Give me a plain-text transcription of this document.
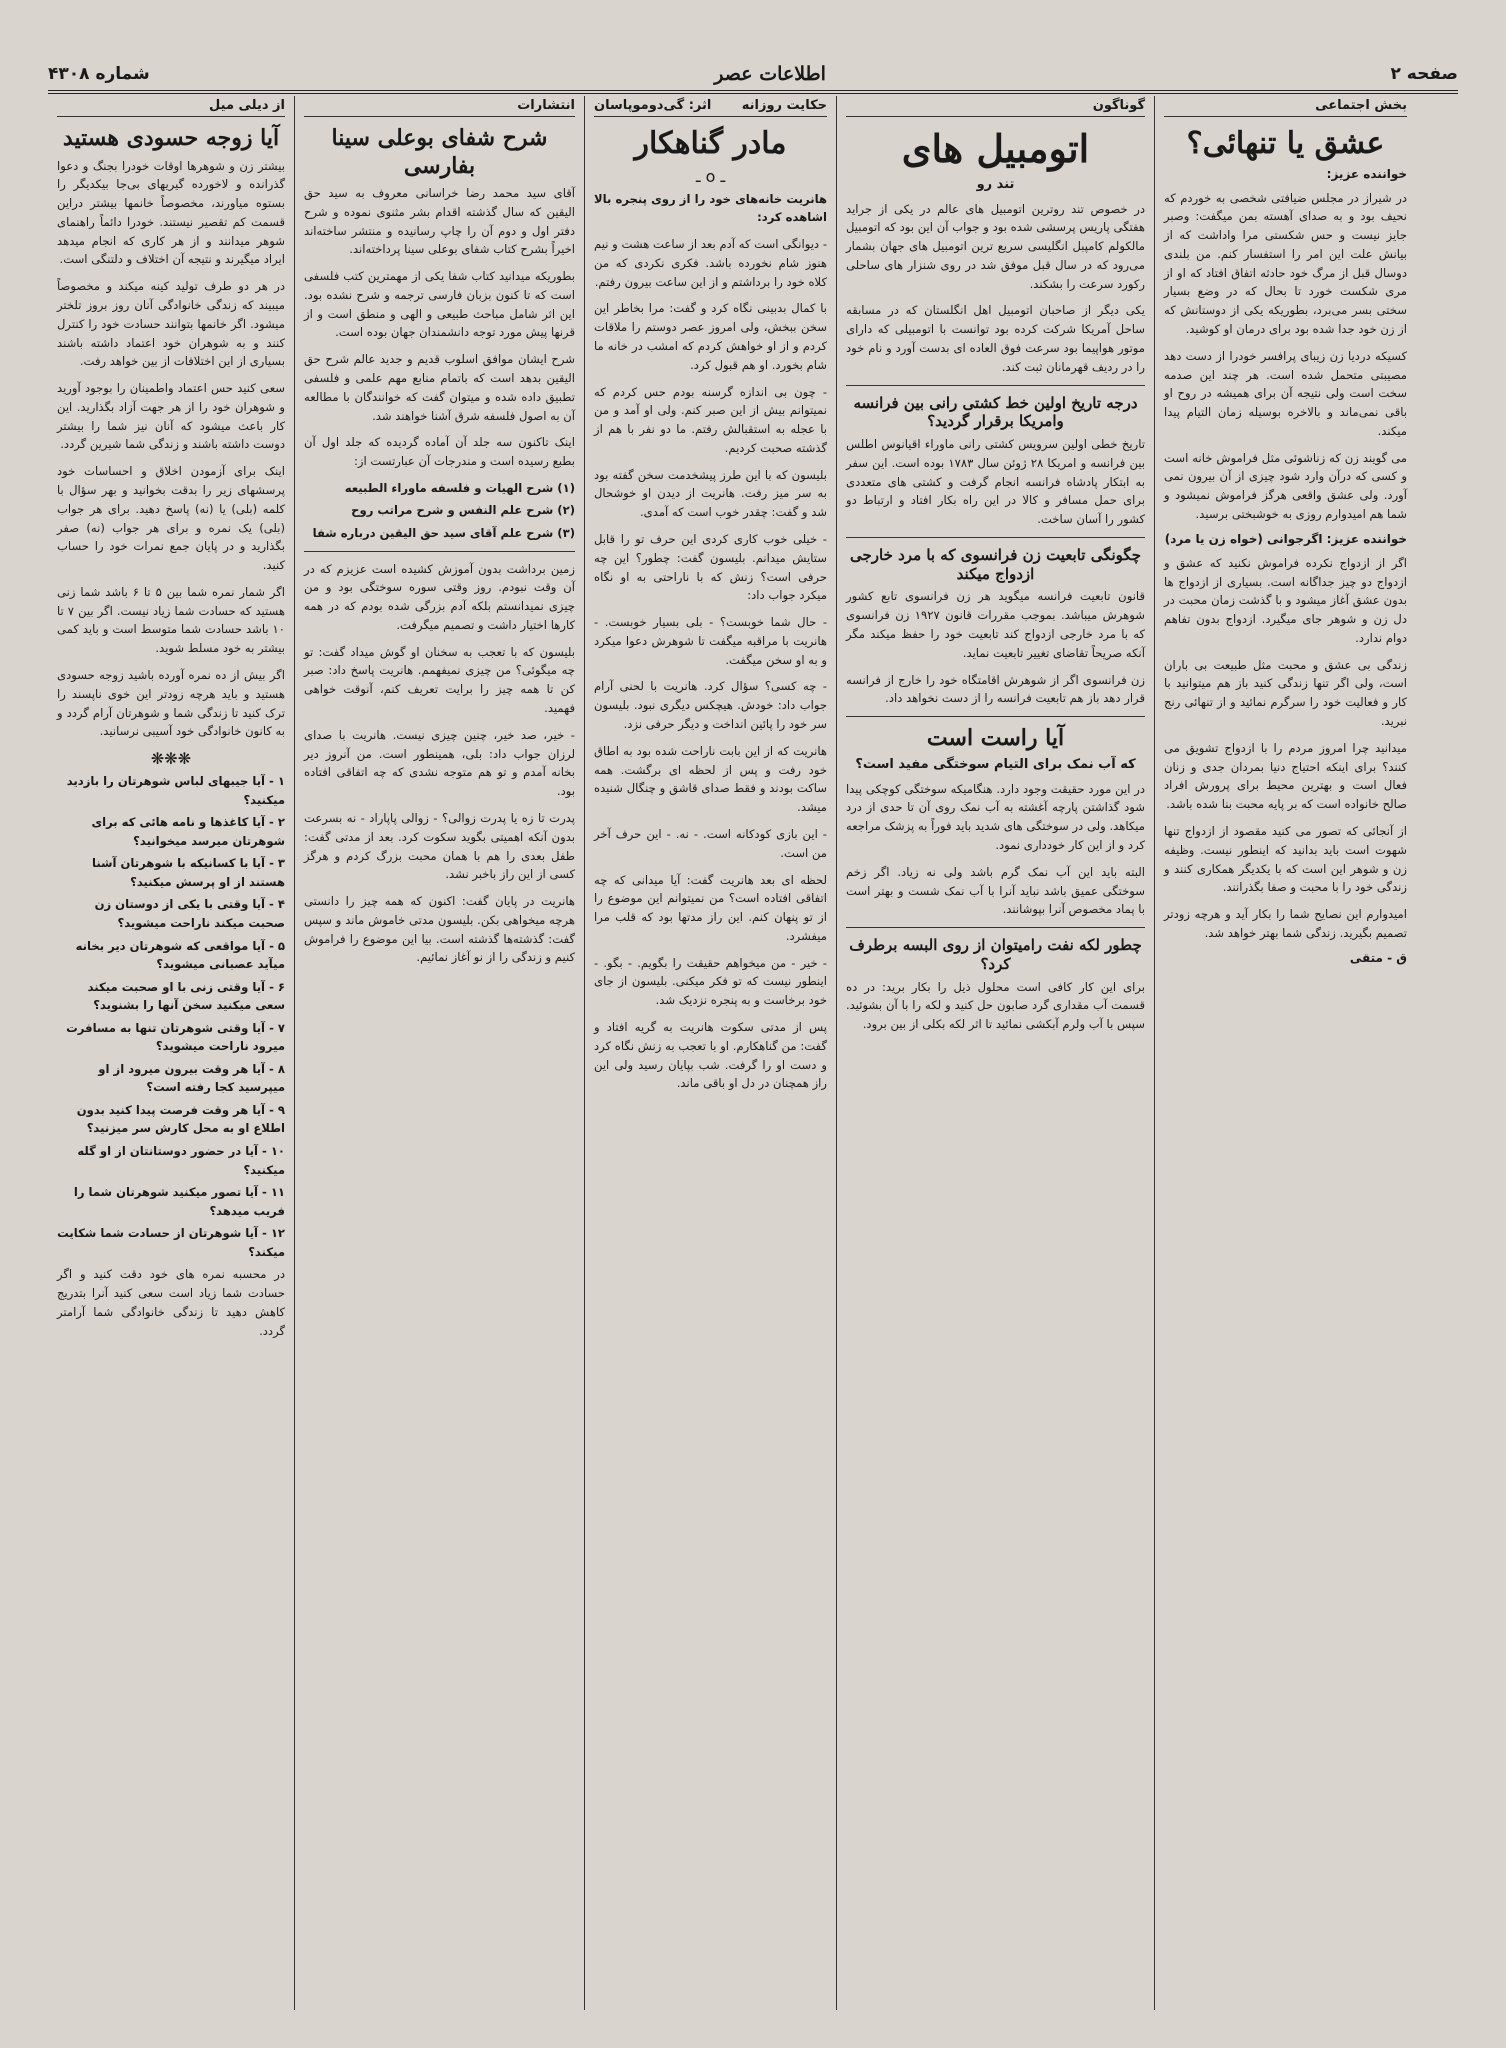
صفحه ۲
اطلاعات عصر
شماره ۴۳۰۸
از دیلی میل
آیا زوجه حسودی هستید

بیشتر زن و شوهرها اوقات خودرا بجنگ و دعوا گذرانده و لاخورده گیریهای بی‌جا بیکدیگر را بستوه میاورند، مخصوصاً خانمها بیشتر دراین قسمت کم تقصیر نیستند. خودرا دائماً راهنمای شوهر میدانند و از هر کاری که انجام میدهد ایراد میگیرند و نتیجه آن اختلاف و دلتنگی است.

در هر دو طرف تولید کینه میکند و مخصوصاً میبیند که زندگی خانوادگی آنان روز بروز تلختر میشود. اگر خانمها بتوانند حسادت خود را کنترل کنند و به شوهران خود اعتماد داشته باشند بسیاری از این اختلافات از بین خواهد رفت.

سعی کنید حس اعتماد واطمینان را بوجود آورید و شوهران خود را از هر جهت آزاد بگذارید. این کار باعث میشود که آنان نیز شما را بیشتر دوست داشته باشند و زندگی شما شیرین گردد.

اینک برای آزمودن اخلاق و احساسات خود پرسشهای زیر را بدقت بخوانید و بهر سؤال با کلمه (بلی) یا (نه) پاسخ دهید. برای هر جواب (بلی) یک نمره و برای هر جواب (نه) صفر بگذارید و در پایان جمع نمرات خود را حساب کنید.

اگر شمار نمره شما بین ۵ تا ۶ باشد شما زنی هستید که حسادت شما زیاد نیست. اگر بین ۷ تا ۱۰ باشد حسادت شما متوسط است و باید کمی بیشتر به خود مسلط شوید.

اگر بیش از ده نمره آورده باشید زوجه حسودی هستید و باید هرچه زودتر این خوی ناپسند را ترک کنید تا زندگی شما و شوهرتان آرام گردد و به کانون خانوادگی خود آسیبی نرسانید.

❋❋❋

۱ - آیا جیبهای لباس شوهرتان را بازدید میکنید؟

۲ - آیا کاغذها و نامه هائی که برای شوهرتان میرسد میخوانید؟

۳ - آیا با کسانیکه با شوهرتان آشنا هستند از او پرسش میکنید؟

۴ - آیا وقتی با یکی از دوستان زن صحبت میکند ناراحت میشوید؟

۵ - آیا مواقعی که شوهرتان دیر بخانه میآید عصبانی میشوید؟

۶ - آیا وقتی زنی با او صحبت میکند سعی میکنید سخن آنها را بشنوید؟

۷ - آیا وقتی شوهرتان تنها به مسافرت میرود ناراحت میشوید؟

۸ - آیا هر وقت بیرون میرود از او میپرسید کجا رفته است؟

۹ - آیا هر وقت فرصت پیدا کنید بدون اطلاع او به محل کارش سر میزنید؟

۱۰ - آیا در حضور دوستانتان از او گله میکنید؟

۱۱ - آیا تصور میکنید شوهرتان شما را فریب میدهد؟

۱۲ - آیا شوهرتان از حسادت شما شکایت میکند؟

در محسبه نمره های خود دقت کنید و اگر حسادت شما زیاد است سعی کنید آنرا بتدریج کاهش دهید تا زندگی خانوادگی شما آرامتر گردد.

انتشارات
شرح شفای بوعلی سینا بفارسی

آقای سید محمد رضا خراسانی معروف به سید حق الیقین که سال گذشته اقدام بشر مثنوی نموده و شرح دفتر اول و دوم آن را چاپ رسانیده و منتشر ساخته‌اند اخیراً بشرح کتاب شفای بوعلی سینا پرداخته‌اند.

بطوریکه میدانید کتاب شفا یکی از مهمترین کتب فلسفی است که تا کنون بزبان فارسی ترجمه و شرح نشده بود. این اثر شامل مباحث طبیعی و الهی و منطق است و از قرنها پیش مورد توجه دانشمندان جهان بوده است.

شرح ایشان موافق اسلوب قدیم و جدید عالم شرح حق الیقین بدهد است که باتمام منابع مهم علمی و فلسفی تطبیق داده شده و میتوان گفت که خوانندگان با مطالعه آن به اصول فلسفه شرق آشنا خواهند شد.

اینک تاکنون سه جلد آن آماده گردیده که جلد اول آن بطبع رسیده است و مندرجات آن عبارتست از:

(۱) شرح الهیات و فلسفه ماوراء الطبیعه

(۲) شرح علم النفس و شرح مراتب روح

(۳) شرح علم آقای سید حق الیقین درباره شفا

زمین برداشت بدون آموزش کشیده است عزیزم که در آن وقت نبودم. روز وقتی سوره سوختگی بود و من چیزی نمیدانستم بلکه آدم بزرگی شده بودم که در همه کارها اختیار داشت و تصمیم میگرفت.

بلیسون که با تعجب به سخنان او گوش میداد گفت: تو چه میگوئی؟ من چیزی نمیفهمم. هانریت پاسخ داد: صبر کن تا همه چیز را برایت تعریف کنم، آنوقت خواهی فهمید.

- خیر، صد خیر، چنین چیزی نیست. هانریت با صدای لرزان جواب داد: بلی، همینطور است. من آنروز دیر بخانه آمدم و تو هم متوجه نشدی که چه اتفاقی افتاده بود.

پدرت تا زه یا پدرت زوالی؟ - زوالی پاپاراد - نه بسرعت بدون آنکه اهمیتی بگوید سکوت کرد. بعد از مدتی گفت: طفل بعدی را هم با همان محبت بزرگ کردم و هرگز کسی از این راز باخبر نشد.

هانریت در پایان گفت: اکنون که همه چیز را دانستی هرچه میخواهی بکن. بلیسون مدتی خاموش ماند و سپس گفت: گذشته‌ها گذشته است. بیا این موضوع را فراموش کنیم و زندگی را از نو آغاز نمائیم.

حکایت روزانه
اثر: گی‌دوموپاسان
مادر گناهکار
ـ o ـ

هانریت خانه‌های خود را از روی پنجره بالا اشاهده کرد:

- دیوانگی است که آدم بعد از ساعت هشت و نیم هنوز شام نخورده باشد. فکری نکردی که من کلاه خود را برداشتم و از این ساعت بیرون رفتم.

با کمال بدبینی نگاه کرد و گفت: مرا بخاطر این سخن ببخش، ولی امروز عصر دوستم را ملاقات کردم و از او خواهش کردم که امشب در خانه ما شام بخورد. او هم قبول کرد.

- چون بی اندازه گرسنه بودم حس کردم که نمیتوانم بیش از این صبر کنم. ولی او آمد و من با عجله به استقبالش رفتم. ما دو نفر با هم از گذشته صحبت کردیم.

بلیسون که با این طرز پیشخدمت سخن گفته بود به سر میز رفت. هانریت از دیدن او خوشحال شد و گفت: چقدر خوب است که آمدی.

- خیلی خوب کاری کردی این حرف تو را قابل ستایش میدانم. بلیسون گفت: چطور؟ این چه حرفی است؟ زنش که با ناراحتی به او نگاه میکرد جواب داد:

- حال شما خوبست؟ - بلی بسیار خوبست. - هانریت با مراقبه میگفت تا شوهرش دعوا میکرد و به او سخن میگفت.

- چه کسی؟ سؤال کرد. هانریت با لحنی آرام جواب داد: خودش. هیچکس دیگری نبود. بلیسون سر خود را پائین انداخت و دیگر حرفی نزد.

هانریت که از این بابت ناراحت شده بود به اطاق خود رفت و پس از لحظه ای برگشت. همه ساکت بودند و فقط صدای قاشق و چنگال شنیده میشد.

- این بازی کودکانه است. - نه. - این حرف آخر من است.

لحظه ای بعد هانریت گفت: آیا میدانی که چه اتفاقی افتاده است؟ من نمیتوانم این موضوع را از تو پنهان کنم. این راز مدتها بود که قلب مرا میفشرد.

- خیر - من میخواهم حقیقت را بگویم. - بگو. - اینطور نیست که تو فکر میکنی. بلیسون از جای خود برخاست و به پنجره نزدیک شد.

پس از مدتی سکوت هانریت به گریه افتاد و گفت: من گناهکارم. او با تعجب به زنش نگاه کرد و دست او را گرفت. شب بپایان رسید ولی این راز همچنان در دل او باقی ماند.

گوناگون
اتومبیل های
تند رو

در خصوص تند روترین اتومبیل های عالم در یکی از جراید هفتگی پاریس پرسشی شده بود و جواب آن این بود که اتومبیل مالکولم کامپبل انگلیسی سریع ترین اتومبیل های جهان بشمار می‌رود که در سال قبل موفق شد در روی شنزار های ساحلی رکورد سرعت را بشکند.

یکی دیگر از صاحبان اتومبیل اهل انگلستان که در مسابقه ساحل آمریکا شرکت کرده بود توانست با اتومبیلی که دارای موتور هواپیما بود سرعت فوق العاده ای بدست آورد و نام خود را در ردیف قهرمانان ثبت کند.

درجه تاریخ اولین خط کشتی رانی بین فرانسه وامریکا برقرار گردید؟

تاریخ خطی اولین سرویس کشتی رانی ماوراء اقیانوس اطلس بین فرانسه و امریکا ۲۸ ژوئن سال ۱۷۸۳ بوده است. این سفر به ابتکار پادشاه فرانسه انجام گرفت و کشتی های متعددی برای حمل مسافر و کالا در این راه بکار افتاد و ارتباط دو کشور را آسان ساخت.

چگونگی تابعیت زن فرانسوی که با مرد خارجی ازدواج میکند

قانون تابعیت فرانسه میگوید هر زن فرانسوی تابع کشور شوهرش میباشد. بموجب مقررات قانون ۱۹۲۷ زن فرانسوی که با مرد خارجی ازدواج کند تابعیت خود را حفظ میکند مگر آنکه صریحاً تقاضای تغییر تابعیت نماید.

زن فرانسوی اگر از شوهرش اقامتگاه خود را خارج از فرانسه قرار دهد باز هم تابعیت فرانسه را از دست نخواهد داد.

آیا راست است
که آب نمک برای التیام سوختگی مفید است؟

در این مورد حقیقت وجود دارد. هنگامیکه سوختگی کوچکی پیدا شود گذاشتن پارچه آغشته به آب نمک روی آن تا حدی از درد میکاهد. ولی در سوختگی های شدید باید فوراً به پزشک مراجعه کرد و از این کار خودداری نمود.

البته باید این آب نمک گرم باشد ولی نه زیاد. اگر زخم سوختگی عمیق باشد نباید آنرا با آب نمک شست و بهتر است با پماد مخصوص آنرا بپوشانند.

چطور لکه نفت رامیتوان از روی البسه برطرف کرد؟

برای این کار کافی است محلول ذیل را بکار برید: در ده قسمت آب مقداری گرد صابون حل کنید و لکه را با آن بشوئید. سپس با آب ولرم آبکشی نمائید تا اثر لکه بکلی از بین برود.

بخش اجتماعی
عشق یا تنهائی؟
خواننده عزیز:

در شیراز در مجلس ضیافتی شخصی به خوردم که نحیف بود و به صدای آهسته بمن میگفت: وصبر جایز نیست و حس شکستی مرا واداشت که از بیانش علت این امر را استفسار کنم. من بلندی دوسال قبل از مرگ خود حادثه اتفاق افتاد که او از مری شکست خورد تا بحال که در وضع بسیار سختی بسر می‌برد، بطوریکه یکی از دوستانش که از زن خود جدا شده بود برای درمان او کوشید.

کسیکه دردیا زن زیبای پرافسر خودرا از دست دهد مصیبتی متحمل شده است. هر چند این صدمه سخت است ولی نتیجه آن برای همیشه در روح او باقی نمی‌ماند و بالاخره بوسیله زمان التیام پیدا میکند.

می گویند زن که زناشوئی مثل فراموش خانه است و کسی که درآن وارد شود چیزی از آن بیرون نمی آورد. ولی عشق واقعی هرگز فراموش نمیشود و شما هم امیدوارم روزی به خوشبختی برسید.

خواننده عزیز: اگرجوانی (خواه زن یا مرد)

اگر از ازدواج نکرده فراموش نکنید که عشق و ازدواج دو چیز جداگانه است. بسیاری از ازدواج ها بدون عشق آغاز میشود و با گذشت زمان محبت در دل زن و شوهر جای میگیرد. ازدواج بدون تفاهم دوام ندارد.

زندگی بی عشق و محبت مثل طبیعت بی باران است، ولی اگر تنها زندگی کنید باز هم میتوانید با کار و فعالیت خود را سرگرم نمائید و از تنهائی رنج نبرید.

میدانید چرا امروز مردم را با ازدواج تشویق می کنند؟ برای اینکه احتیاج دنیا بمردان جدی و زنان فعال است و بهترین محیط برای پرورش افراد صالح خانواده است که بر پایه محبت بنا شده باشد.

از آنجائی که تصور می کنید مقصود از ازدواج تنها شهوت است باید بدانید که اینطور نیست. وظیفه زن و شوهر این است که با یکدیگر همکاری کنند و زندگی خود را با محبت و صفا بگذرانند.

امیدوارم این نصایح شما را بکار آید و هرچه زودتر تصمیم بگیرید. زندگی شما بهتر خواهد شد.

ق - متقی
